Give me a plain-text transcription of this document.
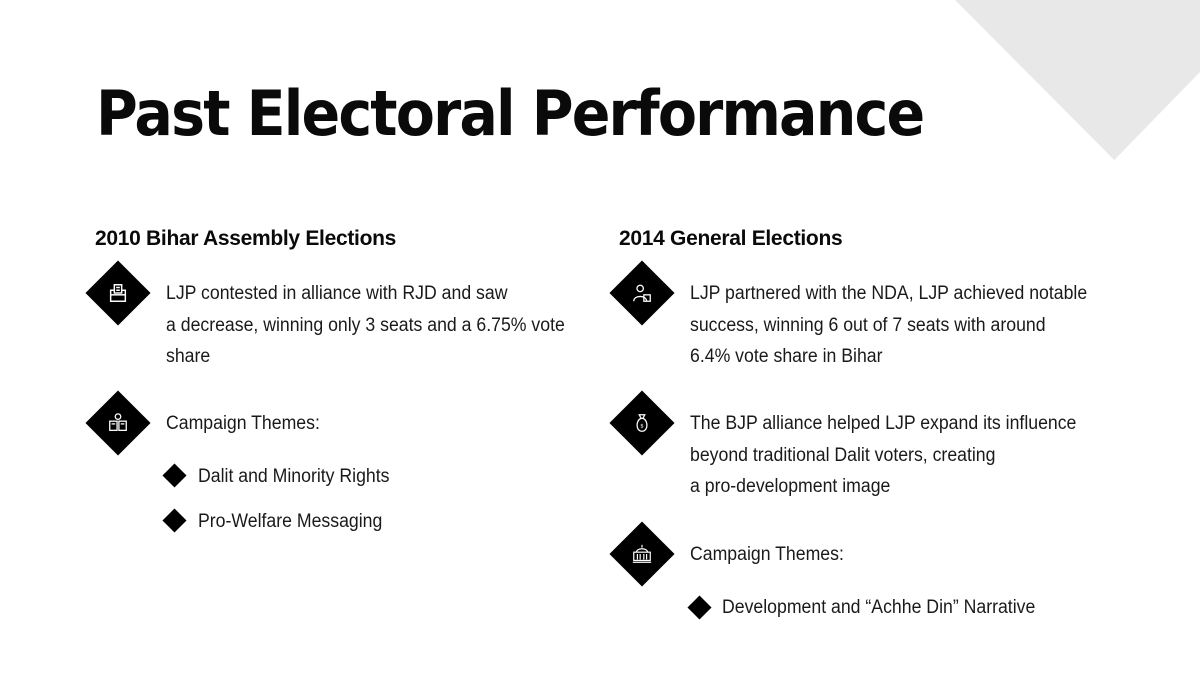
Past Electoral Performance
2010 Bihar Assembly Elections
LJP contested in alliance with RJD and saw
a decrease, winning only 3 seats and a 6.75% vote
share
Campaign Themes:
Dalit and Minority Rights
Pro-Welfare Messaging
2014 General Elections
LJP partnered with the NDA, LJP achieved notable
success, winning 6 out of 7 seats with around
6.4% vote share in Bihar
$ The BJP alliance helped LJP expand its influence
beyond traditional Dalit voters, creating
a pro-development image
Campaign Themes:
Development and “Achhe Din” Narrative
